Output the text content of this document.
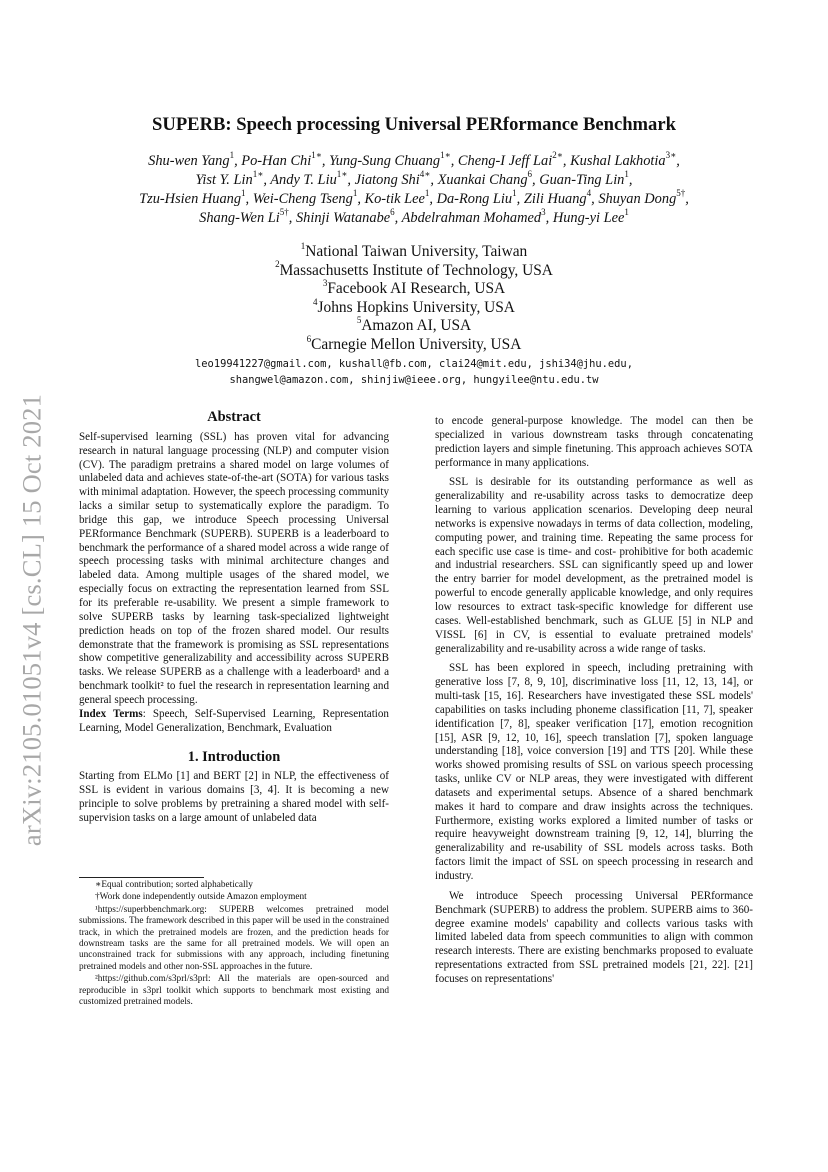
arXiv:2105.01051v4 [cs.CL] 15 Oct 2021
SUPERB: Speech processing Universal PERformance Benchmark
Shu-wen Yang$^1$, Po-Han Chi$^{1∗}$, Yung-Sung Chuang$^{1∗}$, Cheng-I Jeff Lai$^{2∗}$, Kushal Lakhotia$^{3∗}$,
Yist Y. Lin$^{1∗}$, Andy T. Liu$^{1∗}$, Jiatong Shi$^{4∗}$, Xuankai Chang$^6$, Guan-Ting Lin$^1$,
Tzu-Hsien Huang$^1$, Wei-Cheng Tseng$^1$, Ko-tik Lee$^1$, Da-Rong Liu$^1$, Zili Huang$^4$, Shuyan Dong$^{5\dagger}$,
Shang-Wen $Li^{5\dagger}$, Shinji Watanabe$^6$, Abdelrahman Mohamed$^3$, Hung-yi Lee$^1$
$^1$National Taiwan University, Taiwan
$^2$Massachusetts Institute of Technology, USA
$^3$Facebook AI Research, USA
$^4$Johns Hopkins University, USA
$^5$Amazon AI, USA
$^6$Carnegie Mellon University, USA
leo19941227@gmail.com, kushall@fb.com, clai24@mit.edu, jshi34@jhu.edu,
shangwel@amazon.com, shinjiw@ieee.org, hungyilee@ntu.edu.tw
Abstract

Self-supervised learning (SSL) has proven vital for advancing research in natural language processing (NLP) and computer vision (CV). The paradigm pretrains a shared model on large volumes of unlabeled data and achieves state-of-the-art (SOTA) for various tasks with minimal adaptation. However, the speech processing community lacks a similar setup to systematically explore the paradigm. To bridge this gap, we introduce Speech processing Universal PERformance Benchmark (SUPERB). SUPERB is a leaderboard to benchmark the performance of a shared model across a wide range of speech processing tasks with minimal architecture changes and labeled data. Among multiple usages of the shared model, we especially focus on extracting the representation learned from SSL for its preferable re-usability. We present a simple framework to solve SUPERB tasks by learning task-specialized lightweight prediction heads on top of the frozen shared model. Our results demonstrate that the framework is promising as SSL representations show competitive generalizability and accessibility across SUPERB tasks. We release SUPERB as a challenge with a leaderboard¹ and a benchmark toolkit² to fuel the research in representation learning and general speech processing.

Index Terms: Speech, Self-Supervised Learning, Representation Learning, Model Generalization, Benchmark, Evaluation

1. Introduction

Starting from ELMo [1] and BERT [2] in NLP, the effectiveness of SSL is evident in various domains [3, 4]. It is becoming a new principle to solve problems by pretraining a shared model with self-supervision tasks on a large amount of unlabeled data

∗Equal contribution; sorted alphabetically

†Work done independently outside Amazon employment

¹https://superbbenchmark.org: SUPERB welcomes pretrained model submissions. The framework described in this paper will be used in the constrained track, in which the pretrained models are frozen, and the prediction heads for downstream tasks are the same for all pretrained models. We will open an unconstrained track for submissions with any approach, including finetuning pretrained models and other non-SSL approaches in the future.

²https://github.com/s3prl/s3prl: All the materials are open-sourced and reproducible in s3prl toolkit which supports to benchmark most existing and customized pretrained models.

to encode general-purpose knowledge. The model can then be specialized in various downstream tasks through concatenating prediction layers and simple finetuning. This approach achieves SOTA performance in many applications.

SSL is desirable for its outstanding performance as well as generalizability and re-usability across tasks to democratize deep learning to various application scenarios. Developing deep neural networks is expensive nowadays in terms of data collection, modeling, computing power, and training time. Repeating the same process for each specific use case is time- and cost- prohibitive for both academic and industrial researchers. SSL can significantly speed up and lower the entry barrier for model development, as the pretrained model is powerful to encode generally applicable knowledge, and only requires low resources to extract task-specific knowledge for different use cases. Well-established benchmark, such as GLUE [5] in NLP and VISSL [6] in CV, is essential to evaluate pretrained models' generalizability and re-usability across a wide range of tasks.

SSL has been explored in speech, including pretraining with generative loss [7, 8, 9, 10], discriminative loss [11, 12, 13, 14], or multi-task [15, 16]. Researchers have investigated these SSL models' capabilities on tasks including phoneme classification [11, 7], speaker identification [7, 8], speaker verification [17], emotion recognition [15], ASR [9, 12, 10, 16], speech translation [7], spoken language understanding [18], voice conversion [19] and TTS [20]. While these works showed promising results of SSL on various speech processing tasks, unlike CV or NLP areas, they were investigated with different datasets and experimental setups. Absence of a shared benchmark makes it hard to compare and draw insights across the techniques. Furthermore, existing works explored a limited number of tasks or require heavyweight downstream training [9, 12, 14], blurring the generalizability and re-usability of SSL models across tasks. Both factors limit the impact of SSL on speech processing in research and industry.

We introduce Speech processing Universal PERformance Benchmark (SUPERB) to address the problem. SUPERB aims to 360-degree examine models' capability and collects various tasks with limited labeled data from speech communities to align with common research interests. There are existing benchmarks proposed to evaluate representations extracted from SSL pretrained models [21, 22]. [21] focuses on representations'
